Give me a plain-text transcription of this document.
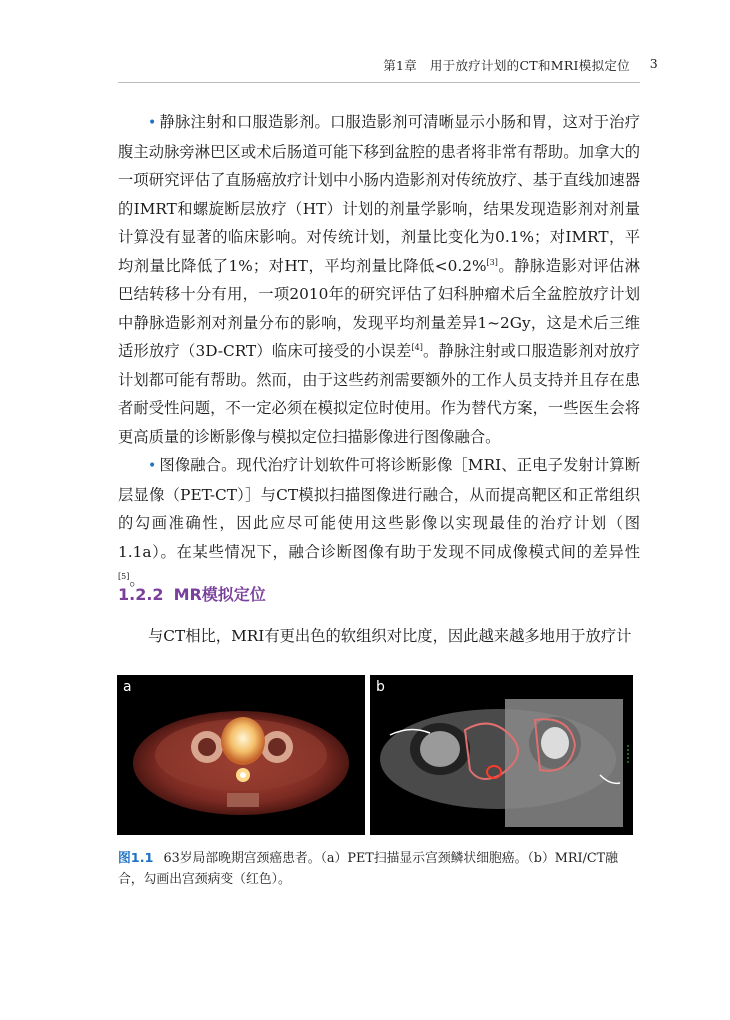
第1章　用于放疗计划的CT和MRI模拟定位 3

• 静脉注射和口服造影剂。口服造影剂可清晰显示小肠和胃，这对于治疗腹主动脉旁淋巴区或术后肠道可能下移到盆腔的患者将非常有帮助。加拿大的一项研究评估了直肠癌放疗计划中小肠内造影剂对传统放疗、基于直线加速器的IMRT和螺旋断层放疗（HT）计划的剂量学影响，结果发现造影剂对剂量计算没有显著的临床影响。对传统计划，剂量比变化为0.1%；对IMRT，平均剂量比降低了1%；对HT，平均剂量比降低<0.2%[3]。静脉造影对评估淋巴结转移十分有用，一项2010年的研究评估了妇科肿瘤术后全盆腔放疗计划中静脉造影剂对剂量分布的影响，发现平均剂量差异1~2Gy，这是术后三维适形放疗（3D-CRT）临床可接受的小误差[4]。静脉注射或口服造影剂对放疗计划都可能有帮助。然而，由于这些药剂需要额外的工作人员支持并且存在患者耐受性问题，不一定必须在模拟定位时使用。作为替代方案，一些医生会将更高质量的诊断影像与模拟定位扫描影像进行图像融合。

• 图像融合。现代治疗计划软件可将诊断影像［MRI、正电子发射计算断层显像（PET-CT）］与CT模拟扫描图像进行融合，从而提高靶区和正常组织的勾画准确性，因此应尽可能使用这些影像以实现最佳的治疗计划（图1.1a）。在某些情况下，融合诊断图像有助于发现不同成像模式间的差异性[5]。

1.2.2 MR模拟定位

与CT相比，MRI有更出色的软组织对比度，因此越来越多地用于放疗计

a	b
图1.1 63岁局部晚期宫颈癌患者。（a）PET扫描显示宫颈鳞状细胞癌。（b）MRI/CT融合，勾画出宫颈病变（红色）。
